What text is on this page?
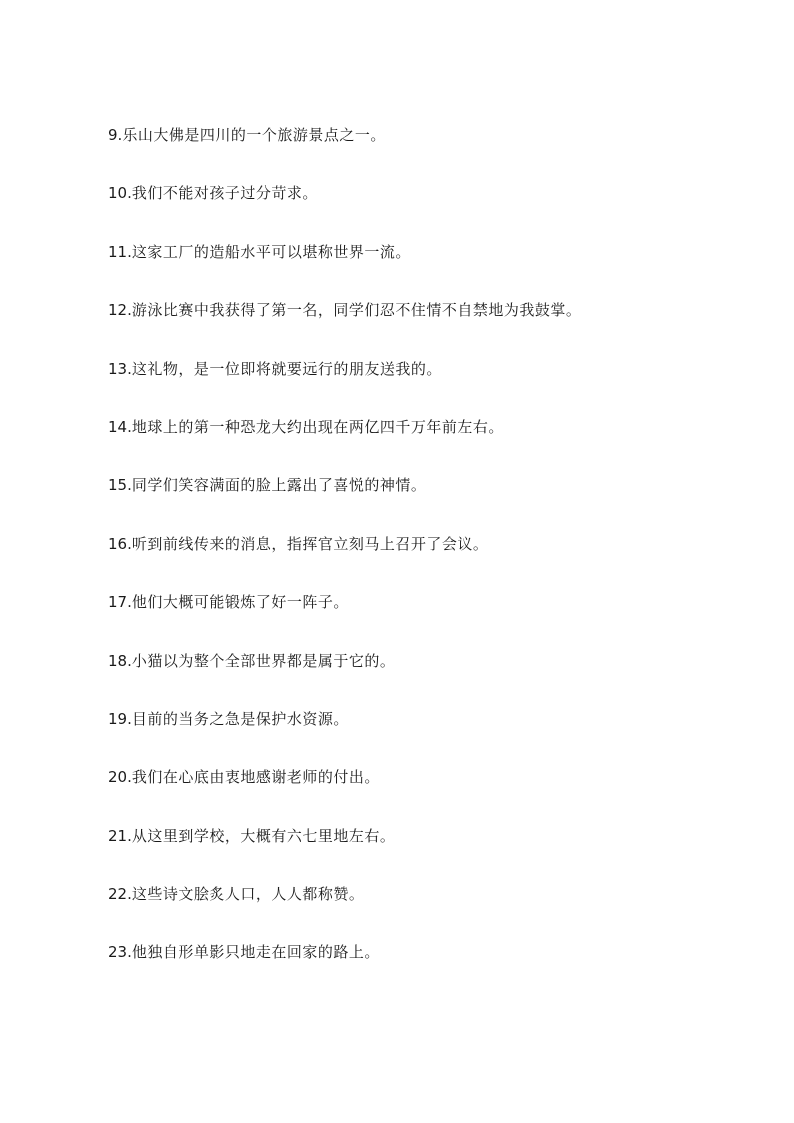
9. 乐山大佛是四川的一个旅游景点之一。
10. 我们不能对孩子过分苛求。
11. 这家工厂的造船水平可以堪称世界一流。
12. 游泳比赛中我获得了第一名，同学们忍不住情不自禁地为我鼓掌。
13. 这礼物，是一位即将就要远行的朋友送我的。
14. 地球上的第一种恐龙大约出现在两亿四千万年前左右。
15. 同学们笑容满面的脸上露出了喜悦的神情。
16. 听到前线传来的消息，指挥官立刻马上召开了会议。
17. 他们大概可能锻炼了好一阵子。
18. 小猫以为整个全部世界都是属于它的。
19. 目前的当务之急是保护水资源。
20. 我们在心底由衷地感谢老师的付出。
21. 从这里到学校，大概有六七里地左右。
22. 这些诗文脍炙人口，人人都称赞。
23. 他独自形单影只地走在回家的路上。
